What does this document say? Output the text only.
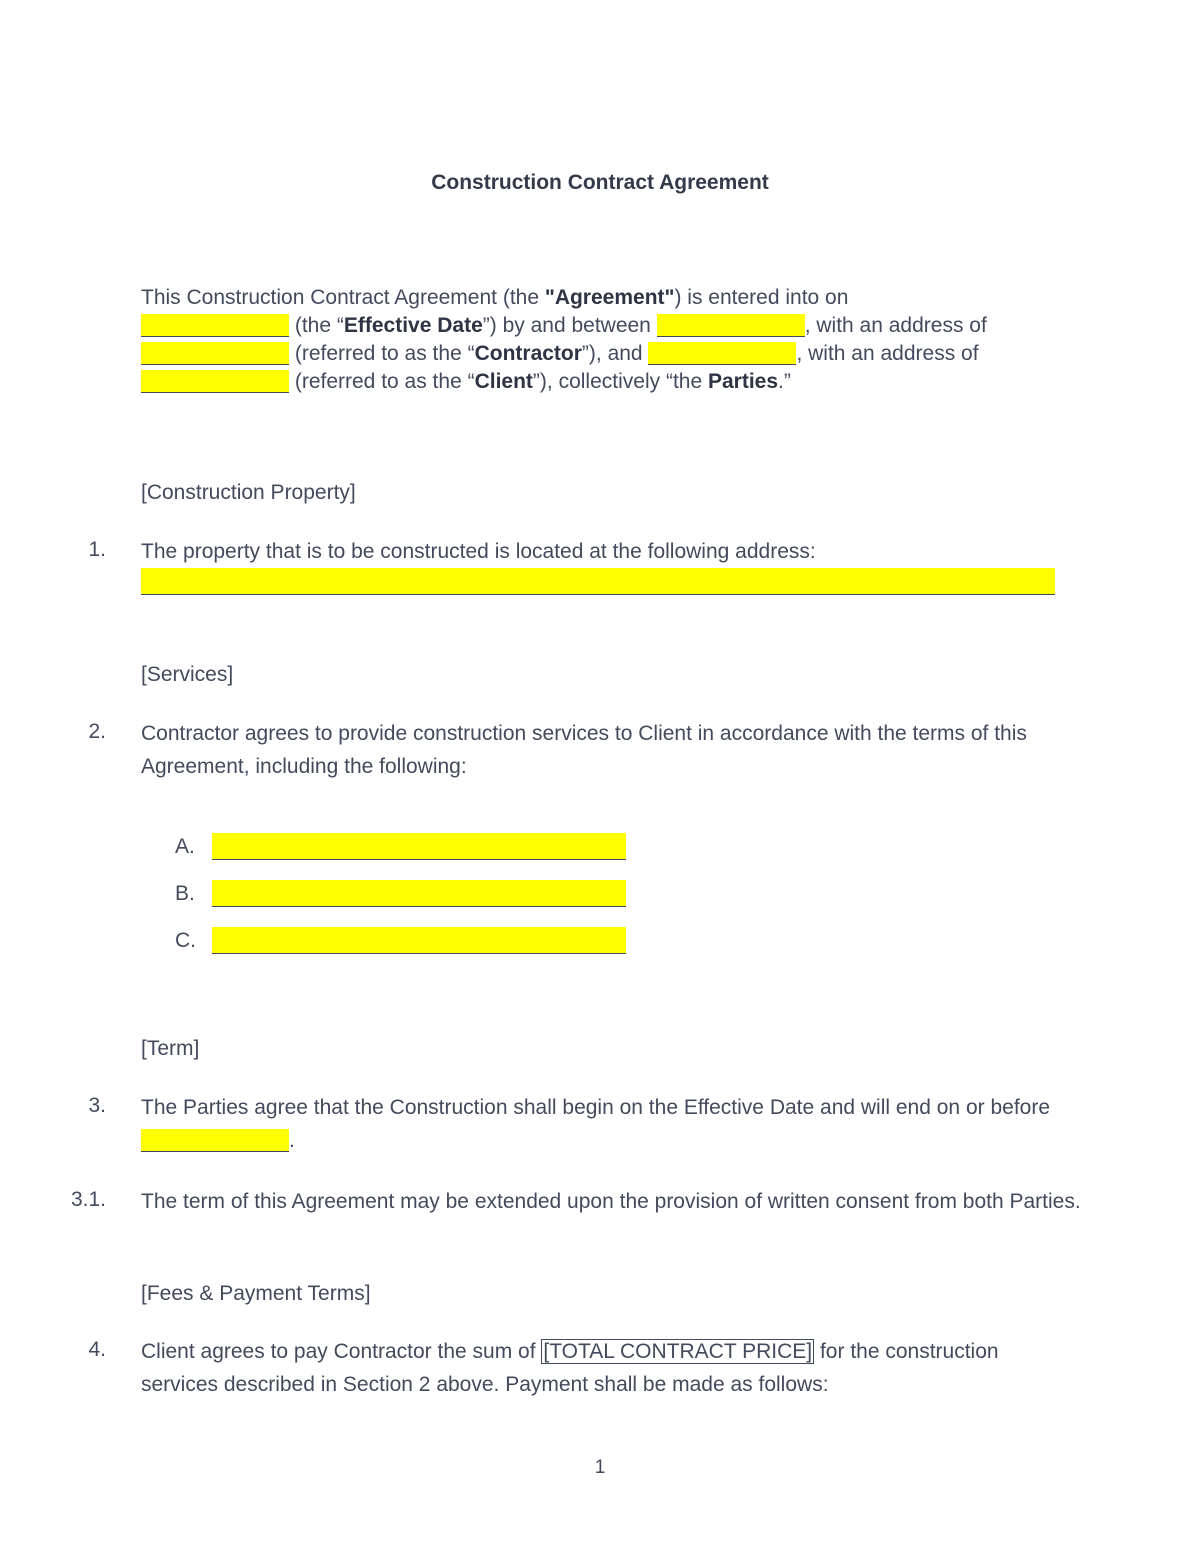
Construction Contract Agreement

This Construction Contract Agreement (the "Agreement") is entered into on

(the “Effective Date”) by and between	, with an address of

(referred to as the “Contractor”), and	, with an address of

(referred to as the “Client”), collectively “the Parties.”

[Construction Property]
1. The property that is to be constructed is located at the following address:
[Services]
2. Contractor agrees to provide construction services to Client in accordance with the terms of this Agreement, including the following:
A.
B.
C.
[Term]
3. The Parties agree that the Construction shall begin on the Effective Date and will end on or before .
3.1. The term of this Agreement may be extended upon the provision of written consent from both Parties.
[Fees & Payment Terms]
4. Client agrees to pay Contractor the sum of [TOTAL CONTRACT PRICE] for the construction services described in Section 2 above. Payment shall be made as follows:
1
